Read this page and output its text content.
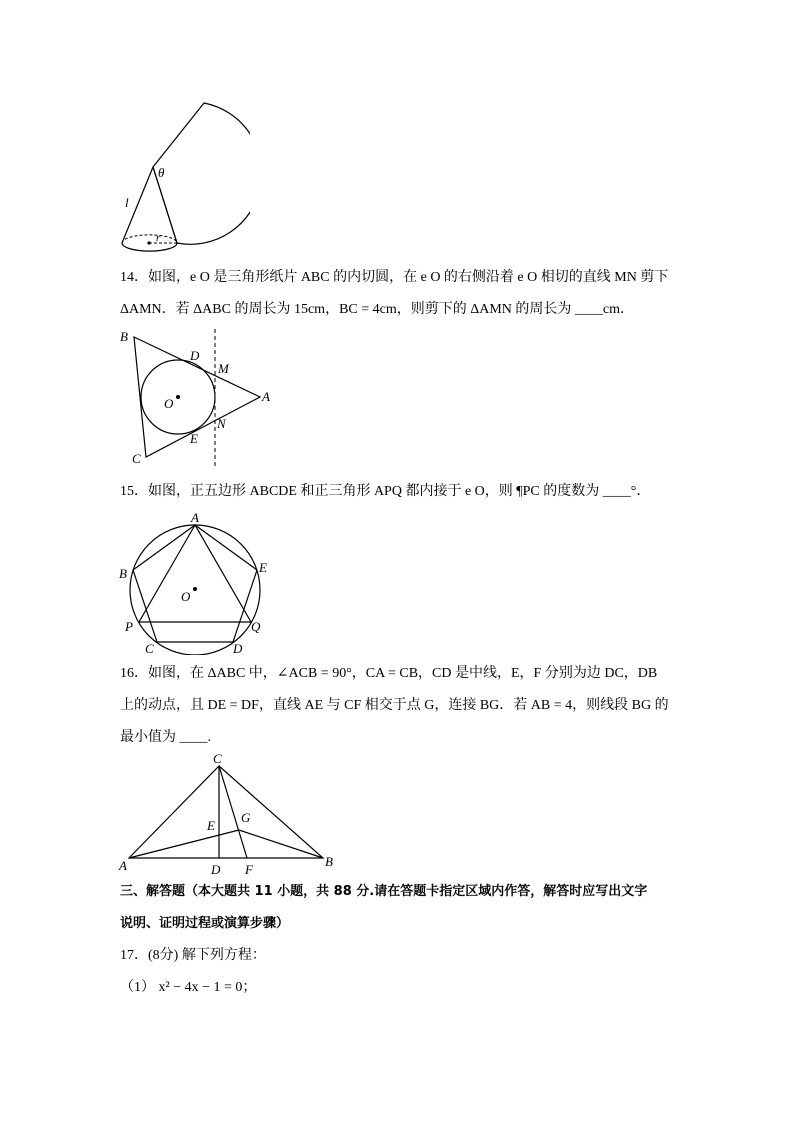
l
θ
r
14．如图，e O 是三角形纸片 ABC 的内切圆，在 e O 的右侧沿着 e O 相切的直线 MN 剪下
ΔAMN．若 ΔABC 的周长为 15cm，BC = 4cm，则剪下的 ΔAMN 的周长为 ____cm．
B
D
M
O	A
N
E
C
15．如图，正五边形 ABCDE 和正三角形 APQ 都内接于 e O，则 ¶PC 的度数为 ____°．
A
B	E
O
P	Q
C	D
16．如图，在 ΔABC 中，∠ACB = 90°，CA = CB，CD 是中线，E，F 分别为边 DC，DB
上的动点，且 DE = DF，直线 AE 与 CF 相交于点 G，连接 BG．若 AB = 4，则线段 BG 的
最小值为 ____.
C
E
G
A	D F
B
三、解答题（本大题共 11 小题，共 88 分.请在答题卡指定区域内作答，解答时应写出文字
说明、证明过程或演算步骤）
17．(8分) 解下列方程：
（1） x² − 4x − 1 = 0；
